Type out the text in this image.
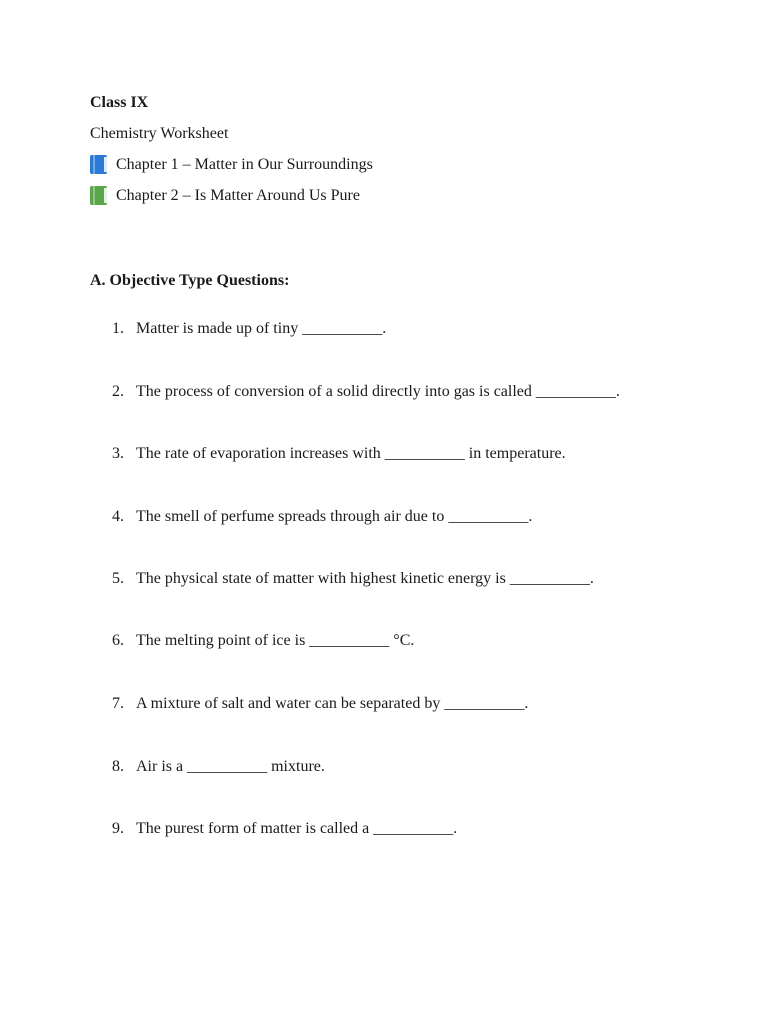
Class IX

Chemistry Worksheet

Chapter 1 – Matter in Our Surroundings

Chapter 2 – Is Matter Around Us Pure

A. Objective Type Questions:

1. Matter is made up of tiny __________.
2. The process of conversion of a solid directly into gas is called __________.
3. The rate of evaporation increases with __________ in temperature.
4. The smell of perfume spreads through air due to __________.
5. The physical state of matter with highest kinetic energy is __________.
6. The melting point of ice is __________ °C.
7. A mixture of salt and water can be separated by __________.
8. Air is a __________ mixture.
9. The purest form of matter is called a __________.
